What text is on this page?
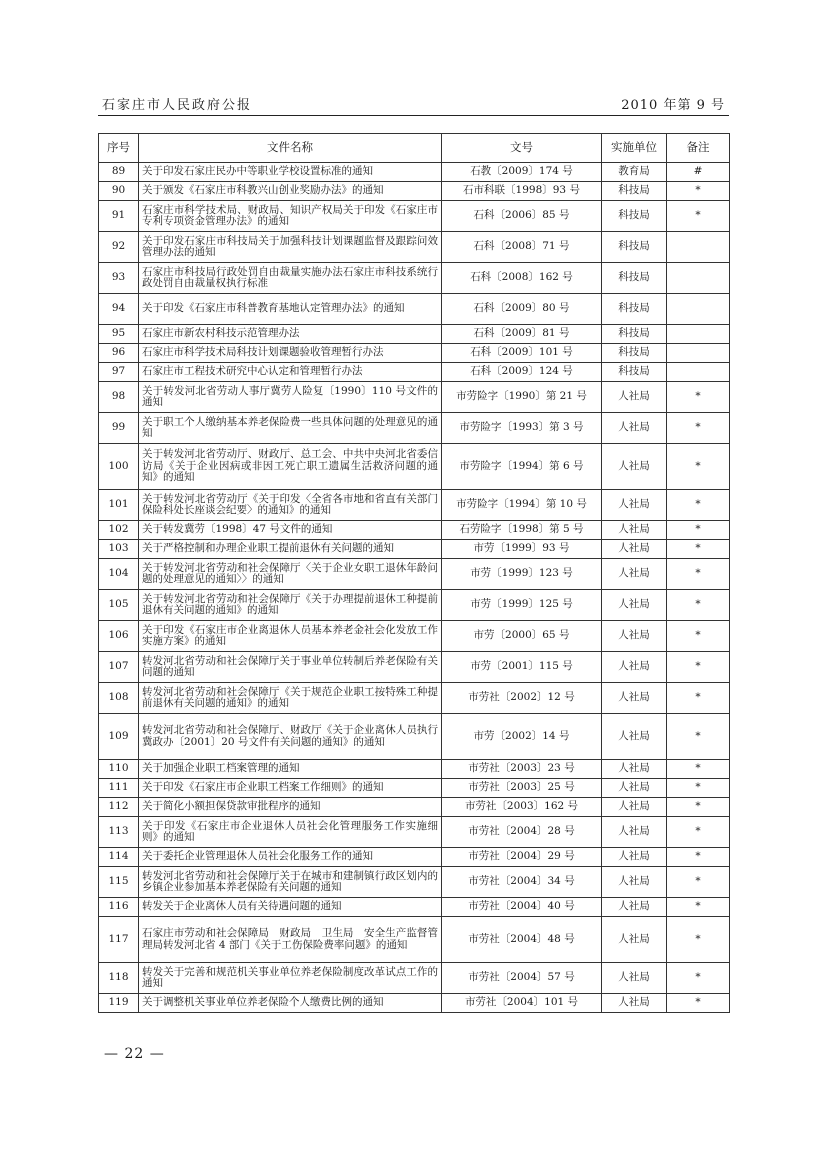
石家庄市人民政府公报	2010 年第 9 号
序号	文件名称	文号	实施单位	备注
89	关于印发石家庄民办中等职业学校设置标准的通知	石教〔2009〕174 号	教育局	#
90	关于颁发《石家庄市科教兴山创业奖励办法》的通知	石市科联〔1998〕93 号	科技局	*
91	石家庄市科学技术局、财政局、知识产权局关于印发《石家庄市专利专项资金管理办法》的通知	石科〔2006〕85 号	科技局	*
92	关于印发石家庄市科技局关于加强科技计划课题监督及跟踪问效管理办法的通知	石科〔2008〕71 号	科技局	
93	石家庄市科技局行政处罚自由裁量实施办法石家庄市科技系统行政处罚自由裁量权执行标准	石科〔2008〕162 号	科技局	
94	关于印发《石家庄市科普教育基地认定管理办法》的通知	石科〔2009〕80 号	科技局	
95	石家庄市新农村科技示范管理办法	石科〔2009〕81 号	科技局	
96	石家庄市科学技术局科技计划课题验收管理暂行办法	石科〔2009〕101 号	科技局	
97	石家庄市工程技术研究中心认定和管理暂行办法	石科〔2009〕124 号	科技局	
98	关于转发河北省劳动人事厅冀劳人险复〔1990〕110 号文件的通知	市劳险字〔1990〕第 21 号	人社局	*
99	关于职工个人缴纳基本养老保险费一些具体问题的处理意见的通知	市劳险字〔1993〕第 3 号	人社局	*
100	关于转发河北省劳动厅、财政厅、总工会、中共中央河北省委信访局《关于企业因病或非因工死亡职工遗属生活救济问题的通知》的通知	市劳险字〔1994〕第 6 号	人社局	*
101	关于转发河北省劳动厅《关于印发〈全省各市地和省直有关部门保险科处长座谈会纪要〉的通知》的通知	市劳险字〔1994〕第 10 号	人社局	*
102	关于转发冀劳〔1998〕47 号文件的通知	石劳险字〔1998〕第 5 号	人社局	*
103	关于严格控制和办理企业职工提前退休有关问题的通知	市劳〔1999〕93 号	人社局	*
104	关于转发河北省劳动和社会保障厅〈关于企业女职工退休年龄问题的处理意见的通知〉〉的通知	市劳〔1999〕123 号	人社局	*
105	关于转发河北省劳动和社会保障厅《关于办理提前退休工种提前退休有关问题的通知》的通知	市劳〔1999〕125 号	人社局	*
106	关于印发《石家庄市企业离退休人员基本养老金社会化发放工作实施方案》的通知	市劳〔2000〕65 号	人社局	*
107	转发河北省劳动和社会保障厅关于事业单位转制后养老保险有关问题的通知	市劳〔2001〕115 号	人社局	*
108	转发河北省劳动和社会保障厅《关于规范企业职工按特殊工种提前退休有关问题的通知》的通知	市劳社〔2002〕12 号	人社局	*
109	转发河北省劳动和社会保障厅、财政厅《关于企业离休人员执行冀政办〔2001〕20 号文件有关问题的通知》的通知	市劳〔2002〕14 号	人社局	*
110	关于加强企业职工档案管理的通知	市劳社〔2003〕23 号	人社局	*
111	关于印发《石家庄市企业职工档案工作细则》的通知	市劳社〔2003〕25 号	人社局	*
112	关于简化小额担保贷款审批程序的通知	市劳社〔2003〕162 号	人社局	*
113	关于印发《石家庄市企业退休人员社会化管理服务工作实施细则》的通知	市劳社〔2004〕28 号	人社局	*
114	关于委托企业管理退休人员社会化服务工作的通知	市劳社〔2004〕29 号	人社局	*
115	转发河北省劳动和社会保障厅关于在城市和建制镇行政区划内的乡镇企业参加基本养老保险有关问题的通知	市劳社〔2004〕34 号	人社局	*
116	转发关于企业离休人员有关待遇问题的通知	市劳社〔2004〕40 号	人社局	*
117	石家庄市劳动和社会保障局　财政局　卫生局　安全生产监督管理局转发河北省 4 部门《关于工伤保险费率问题》的通知	市劳社〔2004〕48 号	人社局	*
118	转发关于完善和规范机关事业单位养老保险制度改革试点工作的通知	市劳社〔2004〕57 号	人社局	*
119	关于调整机关事业单位养老保险个人缴费比例的通知	市劳社〔2004〕101 号	人社局	*
— 22 —
